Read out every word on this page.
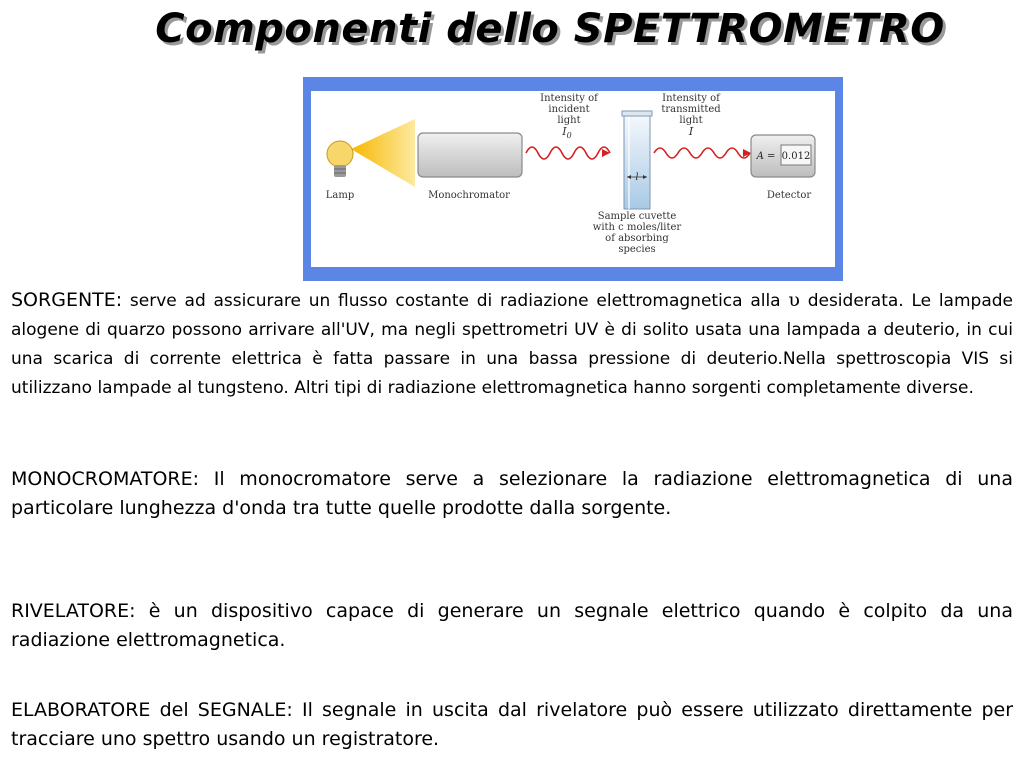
Componenti dello SPETTROMETRO
Lamp	Monochromator
Intensity of
incident
light
$I_0$
l
Intensity of
transmitted
light
I
Sample cuvette
with c moles/liter
of absorbing
species
A = 0.012
Detector

SORGENTE: serve ad assicurare un flusso costante di radiazione elettromagnetica alla υ desiderata. Le lampade alogene di quarzo possono arrivare all'UV, ma negli spettrometri UV è di solito usata una lampada a deuterio, in cui una scarica di corrente elettrica è fatta passare in una bassa pressione di deuterio.Nella spettroscopia VIS si utilizzano lampade al tungsteno. Altri tipi di radiazione elettromagnetica hanno sorgenti completamente diverse.

MONOCROMATORE: Il monocromatore serve a selezionare la radiazione elettromagnetica di una particolare lunghezza d'onda tra tutte quelle prodotte dalla sorgente.

RIVELATORE: è un dispositivo capace di generare un segnale elettrico quando è colpito da una radiazione elettromagnetica.

ELABORATORE del SEGNALE: Il segnale in uscita dal rivelatore può essere utilizzato direttamente per tracciare uno spettro usando un registratore.
